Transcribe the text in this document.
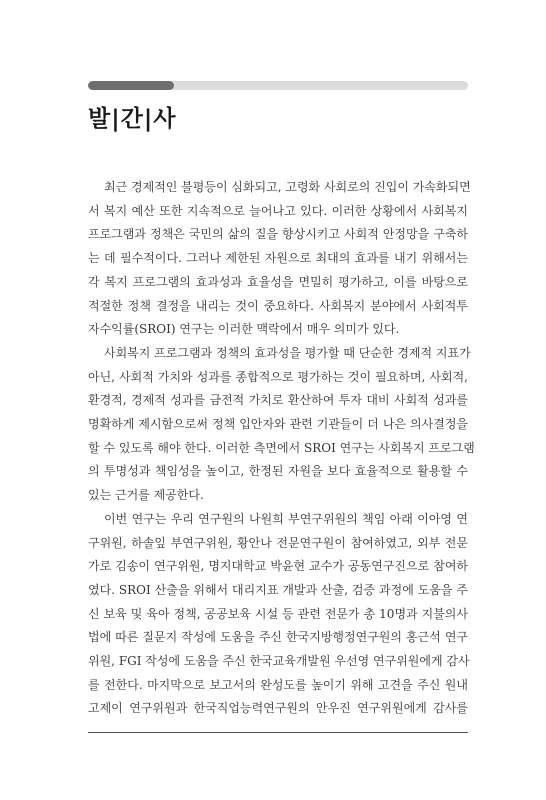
발|간|사
최근 경제적인 불평등이 심화되고, 고령화 사회로의 진입이 가속화되면
서 복지 예산 또한 지속적으로 늘어나고 있다. 이러한 상황에서 사회복지
프로그램과 정책은 국민의 삶의 질을 향상시키고 사회적 안정망을 구축하
는 데 필수적이다. 그러나 제한된 자원으로 최대의 효과를 내기 위해서는
각 복지 프로그램의 효과성과 효율성을 면밀히 평가하고, 이를 바탕으로
적절한 정책 결정을 내리는 것이 중요하다. 사회복지 분야에서 사회적투
자수익률(SROI) 연구는 이러한 맥락에서 매우 의미가 있다.
사회복지 프로그램과 정책의 효과성을 평가할 때 단순한 경제적 지표가
아닌, 사회적 가치와 성과를 종합적으로 평가하는 것이 필요하며, 사회적,
환경적, 경제적 성과를 금전적 가치로 환산하여 투자 대비 사회적 성과를
명확하게 제시함으로써 정책 입안자와 관련 기관들이 더 나은 의사결정을
할 수 있도록 해야 한다. 이러한 측면에서 SROI 연구는 사회복지 프로그램
의 투명성과 책임성을 높이고, 한정된 자원을 보다 효율적으로 활용할 수
있는 근거를 제공한다.
이번 연구는 우리 연구원의 나원희 부연구위원의 책임 아래 이아영 연
구위원, 하솔잎 부연구위원, 황안나 전문연구원이 참여하였고, 외부 전문
가로 김송이 연구위원, 명지대학교 박윤현 교수가 공동연구진으로 참여하
였다. SROI 산출을 위해서 대리지표 개발과 산출, 검증 과정에 도움을 주
신 보육 및 육아 정책, 공공보육 시설 등 관련 전문가 총 10명과 지불의사
법에 따른 질문지 작성에 도움을 주신 한국지방행정연구원의 홍근석 연구
위원, FGI 작성에 도움을 주신 한국교육개발원 우선영 연구위원에게 감사
를 전한다. 마지막으로 보고서의 완성도를 높이기 위해 고견을 주신 원내
고제이 연구위원과 한국직업능력연구원의 안우진 연구위원에게 감사를
